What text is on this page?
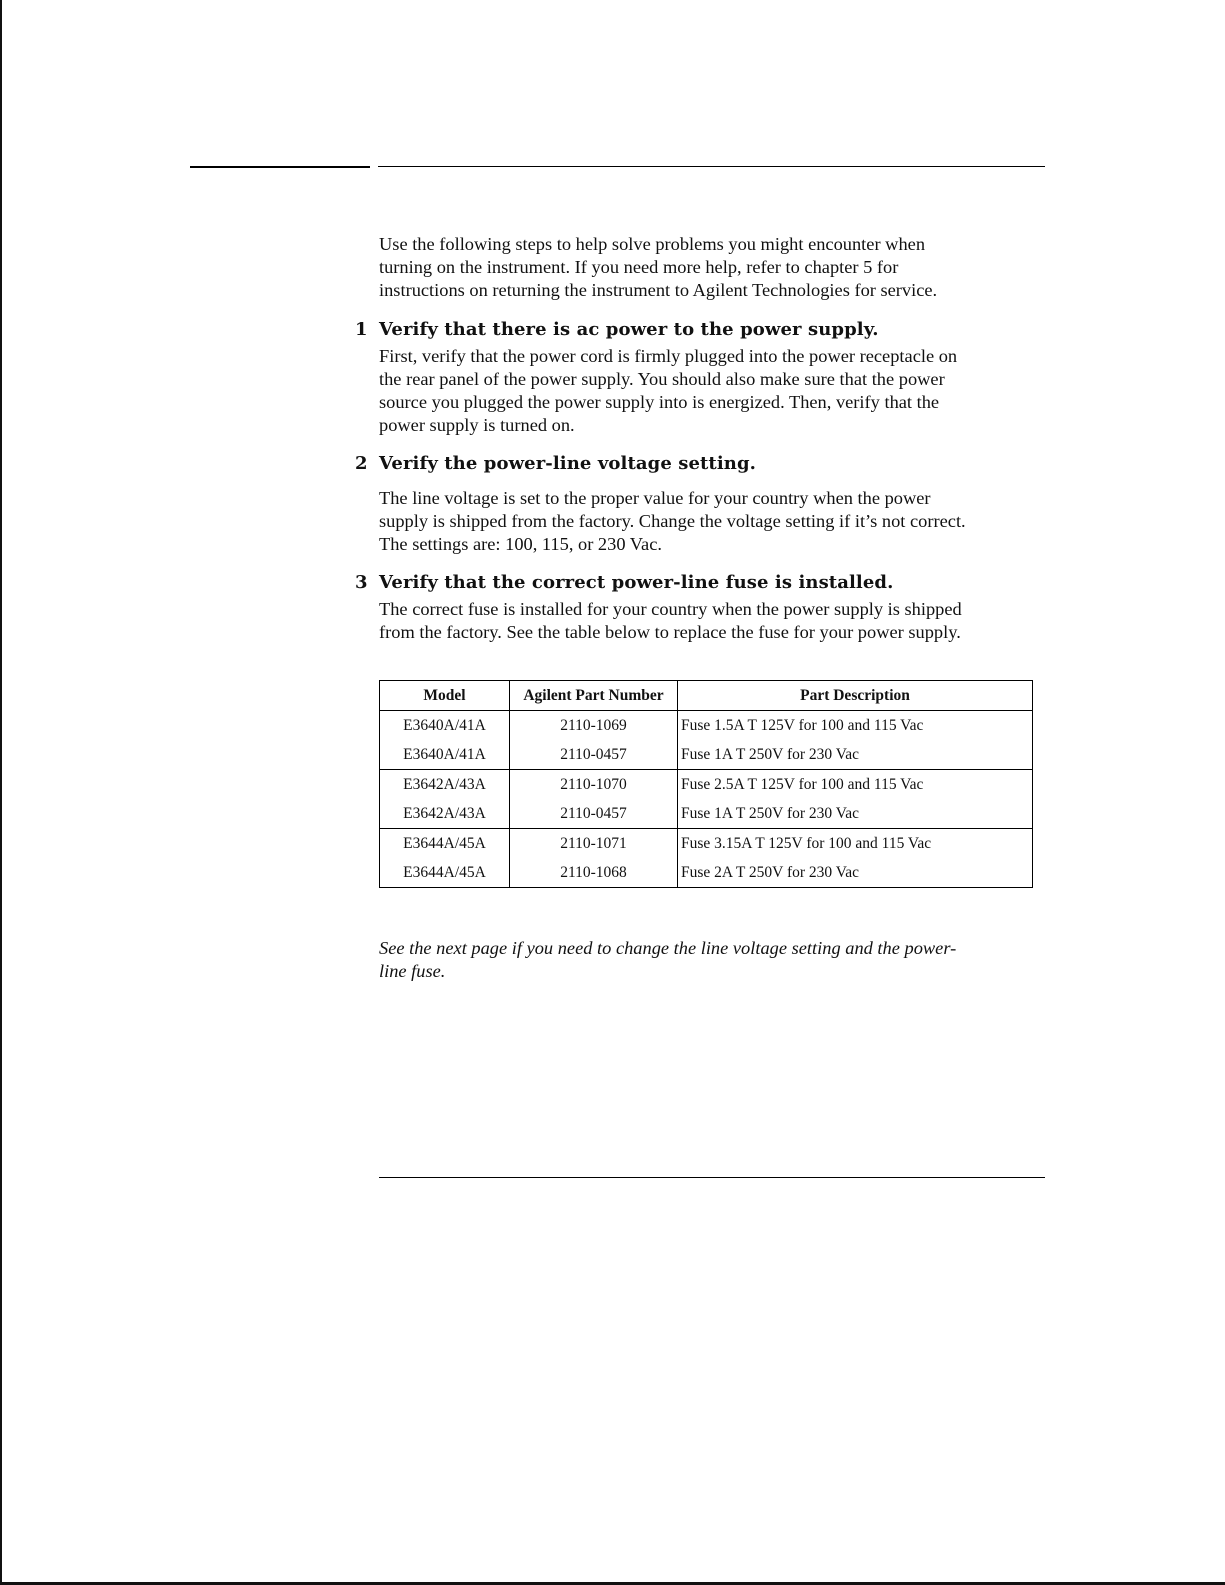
Use the following steps to help solve problems you might encounter when
turning on the instrument. If you need more help, refer to chapter 5 for
instructions on returning the instrument to Agilent Technologies for service.

1 Verify that there is ac power to the power supply.

First, verify that the power cord is firmly plugged into the power receptacle on
the rear panel of the power supply. You should also make sure that the power
source you plugged the power supply into is energized. Then, verify that the
power supply is turned on.

2 Verify the power-line voltage setting.

The line voltage is set to the proper value for your country when the power
supply is shipped from the factory. Change the voltage setting if it’s not correct.
The settings are: 100, 115, or 230 Vac.

3 Verify that the correct power-line fuse is installed.

The correct fuse is installed for your country when the power supply is shipped
from the factory. See the table below to replace the fuse for your power supply.

Model	Agilent Part Number	Part Description
E3640A/41A	2110-1069	Fuse 1.5A T 125V for 100 and 115 Vac
E3640A/41A	2110-0457	Fuse 1A T 250V for 230 Vac
E3642A/43A	2110-1070	Fuse 2.5A T 125V for 100 and 115 Vac
E3642A/43A	2110-0457	Fuse 1A T 250V for 230 Vac
E3644A/45A	2110-1071	Fuse 3.15A T 125V for 100 and 115 Vac
E3644A/45A	2110-1068	Fuse 2A T 250V for 230 Vac

See the next page if you need to change the line voltage setting and the power-
line fuse.
